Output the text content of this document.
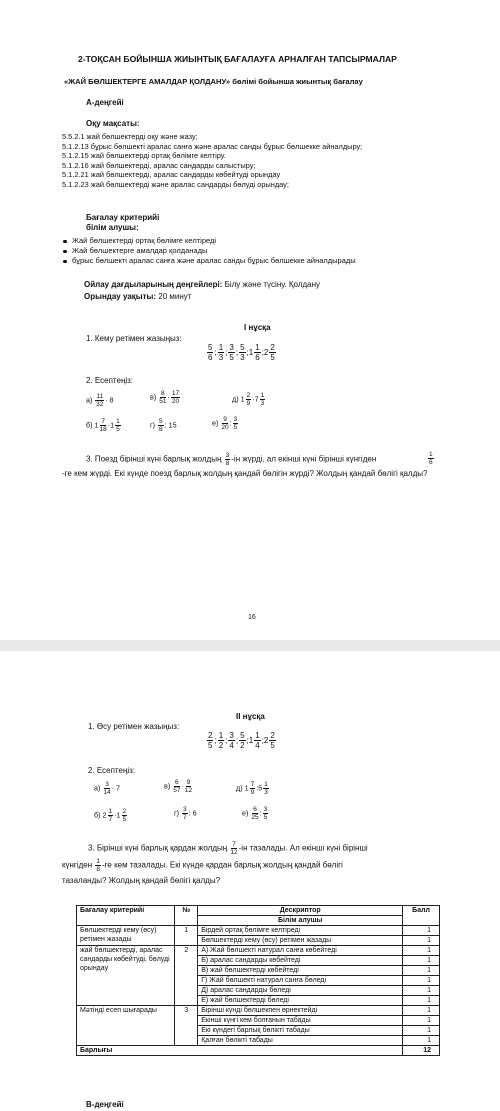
2-ТОҚСАН БОЙЫНША ЖИЫНТЫҚ БАҒАЛАУҒА АРНАЛҒАН ТАПСЫРМАЛАР
«ЖАЙ БӨЛШЕКТЕРГЕ АМАЛДАР ҚОЛДАНУ» бөлімі бойынша жиынтық бағалау
А-деңгейі
Оқу мақсаты:
5.5.2.1 жай бөлшектерді оқу және жазу;
5.1.2.13 бұрыс бөлшекті аралас санға және аралас санды бұрыс бөлшекке айналдыру;
5.1.2.15 жай бөлшектерді ортақ бөлімге келтіру.
5.1.2.16 жай бөлшектерді, аралас сандарды салыстыру;
5.1.2.21 жай бөлшектерді, аралас сандарды көбейтуді орындау
5.1.2.23 жай бөлшектерді және аралас сандарды бөлуді орындау;
Бағалау критерийі
білім алушы:
Жай бөлшектерді ортақ бөлімге келтіреді
Жай бөлшектерге амалдар қолданады
бұрыс бөлшекті аралас санға және аралас санды бұрыс бөлшекке айналдырады
Ойлау дағдыларының деңгейлері: Білу және түсіну. Қолдану
Орындау уақыты: 20 минут
І нұсқа
1. Кему ретімен жазыңыз:
$\frac{5}{6}$ ; $\frac{1}{3}$ ; $\frac{3}{5}$ ; $\frac{5}{3}$ ;1 $\frac{1}{6}$ ;2 $\frac{2}{5}$
2. Есептеңіз:
$а) \frac{11}{32} \cdot 8$	$в) \frac{8}{51} \cdot \frac{17}{20}$	д) $1 \frac{2}{9} \cdot 7 \frac{1}{3}$
б) $1 \frac{7}{18} \cdot 1 \frac{1}{5}$	$г) \frac{5}{8}$ : 15	$е) \frac{9}{20}$ : $\frac{3}{5}$
3. Поезд бірінші күні барлық жолдың $\frac{3}{8} -ін$ жүрді, ал екінші күні бірінші күнгіден	$\frac{1}{6}$
-ге кем жүрді. Екі күнде поезд барлық жолдың қандай бөлігін жүрді? Жолдың қандай бөлігі қалды?
16
ІІ нұсқа
1. Өсу ретімен жазыңыз:
$\frac{2}{5}$ ; $\frac{1}{2}$ ; $\frac{3}{4}$ ; $\frac{5}{2}$ ;1 $\frac{1}{4}$ ;2 $\frac{2}{5}$
2. Есептеңіз:
$а) \frac{3}{14} \cdot 7$	$в) \frac{6}{57} \cdot \frac{9}{12}$	д) $1 \frac{7}{9}$ :5 $\frac{1}{3}$
б) $2 \frac{1}{7} \cdot 1 \frac{2}{5}$	$г) \frac{3}{7}$ : 6	$е) \frac{6}{25}$ : $\frac{3}{5}$
3. Бірінші күні барлық қардан жолдың $\frac{7}{12} -ін$ тазалады. Ал екінші күні бірінші
күнгіден $\frac{1}{8} -ге$ кем тазалады. Екі күнде қардан барлық жолдың қандай бөлігі
тазаланды? Жолдың қандай бөлігі қалды?
Бағалау критерийі	№	Дескриптор	Балл
		Білім алушы	
Бөлшектерді кему (өсу) ретімен жазады	1	Бірдей ортақ бөлімге келтіреді	1
		Бөлшектерді кему (өсу) ретімен жазады	1
жай бөлшектерді, аралас сандарды көбейтуді, бөлуді орындау	2	А) Жай бөлшекті натурал санға көбейтеді	1
		Б) аралас сандарды көбейтеді	1
		В) жай бөлшектерді көбейтеді	1
		Г) Жай бөлшекті натурал санға бөледі	1
		Д) аралас сандарды бөледі	1
		Е) жай бөлшектерді бөледі	1
Мәтінді есеп шығарады	3	Бірінші күнді бөлшекпен өрнектейді	1
		Екінші күнгі кем болғанын табады	1
		Екі күндегі барлық бөлікті табады	1
		Қалған бөлікті табады	1
Барлығы			12
В-деңгейі
